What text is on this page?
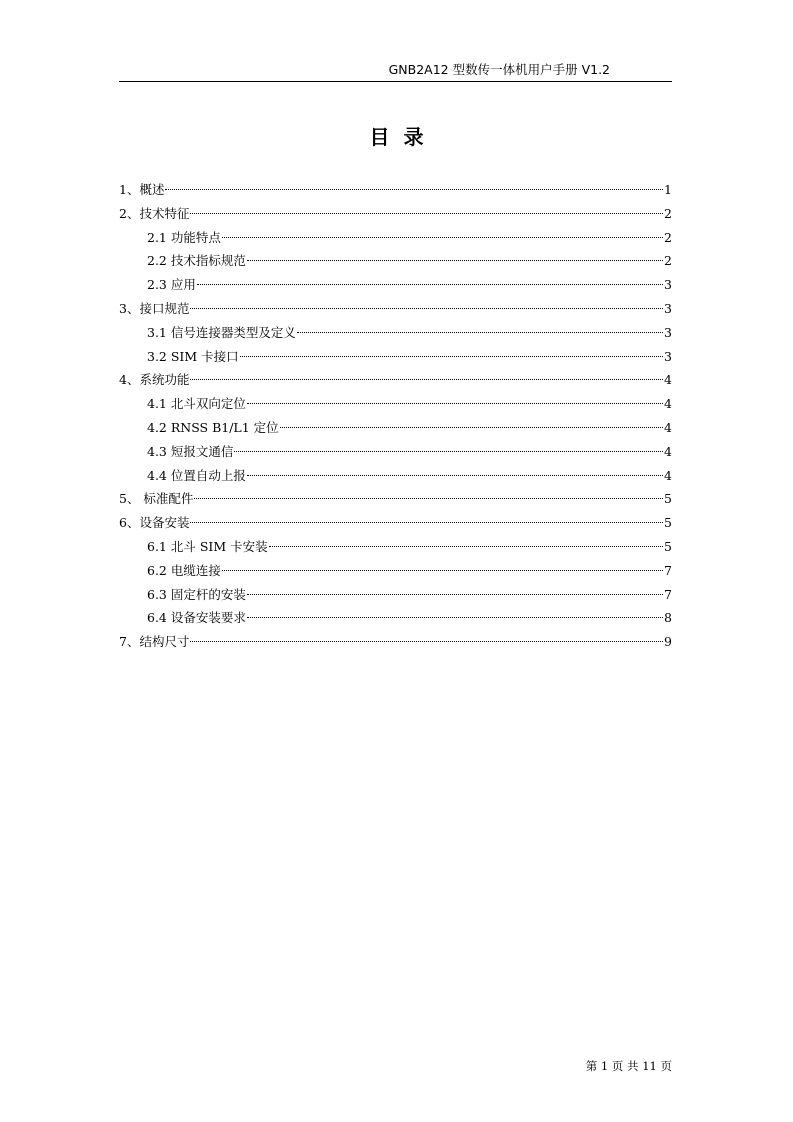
GNB2A12 型数传一体机用户手册 V1.2
目录
1、概述	1
2、技术特征	2
2.1 功能特点	2
2.2 技术指标规范	2
2.3 应用	3
3、接口规范	3
3.1 信号连接器类型及定义	3
3.2 SIM 卡接口	3
4、系统功能	4
4.1 北斗双向定位	4
4.2 RNSS B1/L1 定位	4
4.3 短报文通信	4
4.4 位置自动上报	4
5、 标准配件	5
6、设备安装	5
6.1 北斗 SIM 卡安装	5
6.2 电缆连接	7
6.3 固定杆的安装	7
6.4 设备安装要求	8
7、结构尺寸	9
第 1 页 共 11 页
